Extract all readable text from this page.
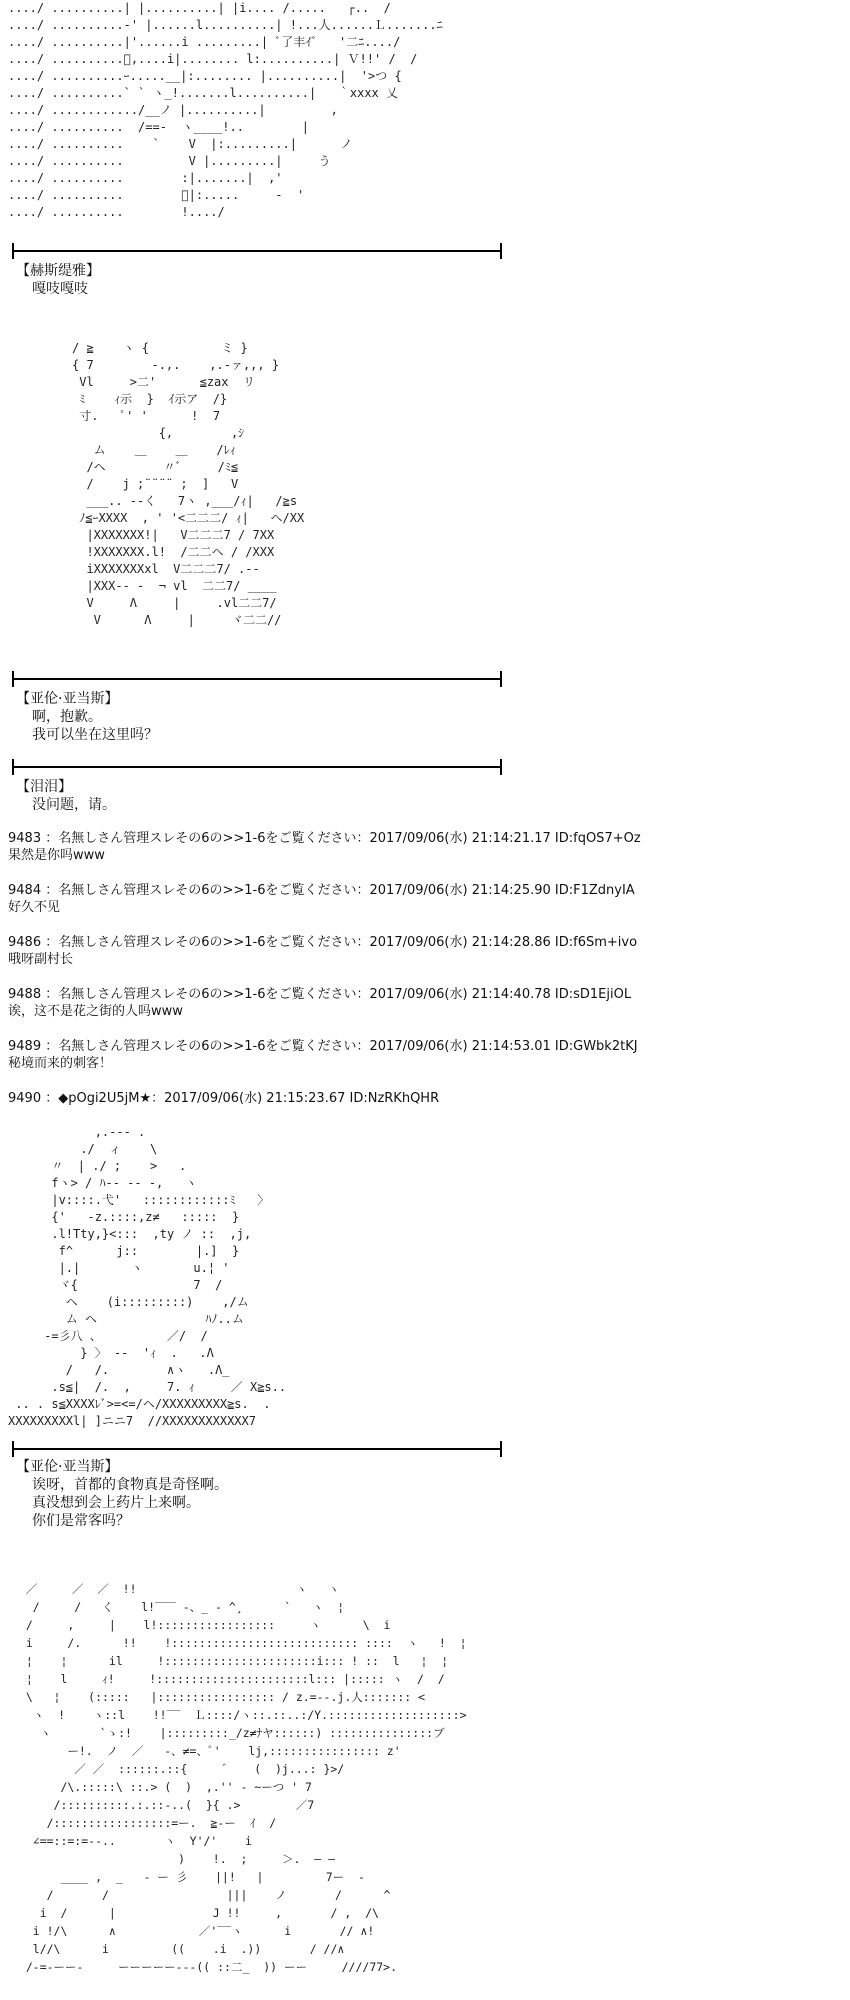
..../ ..........| |..........| |i.... /.....   ┌..  /
..../ ..........-' |......l..........| !...人......Ｌ.......ﾆ
..../ ..........|'......i .........| ﾞ了丰ｲﾞ   '二ﾆ..../
..../ ..........ﾞ,....i|........ l:..........| Ｖ!!' /  /
..../ ..........ｰ.....__|:........ |..........|  '>つ {
..../ ..........` ` ヽ_!.......l..........|   ｀xxxx 乂
..../ ............/__ノ |..........|         ,
..../ ..........  /==-  ヽ____!..        |
..../ ..........    `    V  |:.........|      ノ
..../ ..........         V |.........|     う
..../ ..........        :|.......|  ,'
..../ ..........        ﾞ|:.....     -  '
..../ ..........        !..../
【赫斯缇雅】
嘎吱嘎吱
/ ≧    ヽ {          ミ }
{ 7        -.,.    ,.-ァ,,, }
Vl     >二'      ≦zax  リ
ﾐ    ｨ示  }  ｲ示ア  /}
寸.   ﾟ' '      !  7
{,        ,ｼ
ム    ＿    ＿    /ﾚｨ
/ヘ        〃ﾞ     /ﾐ≦
/    j ;¨¨¨¨ ;  ]   V
___.. --く   7ヽ ,___/ｨ|   /≧s
ﾉ≦ｰXXXX  , ' '<二二二/ ｨ|   ヘ/XX
|XXXXXXX!|   V二二二7 / 7XX
!XXXXXXX.l!  /二二ヘ / /XXX
iXXXXXXXxl  V二二二7/ .-‐
|XXX-- -  ¬ vl  二二7/ ____
V     Λ     |     .vl二二7/
V      Λ     |     ヾ二二//
【亚伦·亚当斯】
啊，抱歉。
我可以坐在这里吗？
【泪泪】
没问题，请。
9483 ：名無しさん管理スレその6の>>1-6をご覧ください：2017/09/06(水) 21:14:21.17 ID:fqOS7+Oz
果然是你吗www
9484 ：名無しさん管理スレその6の>>1-6をご覧ください：2017/09/06(水) 21:14:25.90 ID:F1ZdnyIA
好久不见
9486 ：名無しさん管理スレその6の>>1-6をご覧ください：2017/09/06(水) 21:14:28.86 ID:f6Sm+ivo
哦呀副村长
9488 ：名無しさん管理スレその6の>>1-6をご覧ください：2017/09/06(水) 21:14:40.78 ID:sD1EjiOL
诶，这不是花之街的人吗www
9489 ：名無しさん管理スレその6の>>1-6をご覧ください：2017/09/06(水) 21:14:53.01 ID:GWbk2tKJ
秘境而来的刺客！
9490 ：◆pOgi2U5jM★：2017/09/06(水) 21:15:23.67 ID:NzRKhQHR
,.-‐‐ .
./  ィ    \
〃  | ./ ;    >   .
fヽ> / ﾊ-- -- -,   ヽ
|v::::.弋'   ::::::::::::ﾐ   〉
{'   -z.::::,z≠   :::::  }
.l!Tty,}<:::  ,ty ノ ::  ,j,
f^      j::        |.]  }
|.|       ヽ       u.¦ '
ヾ{                7  /
ヘ    (i:::::::::)    ,/ム
ム ヘ               ﾊﾉ..ム
-=彡八 、         ／/  /
} 〉 ‐‐  'ｨ  .   .Λ
/   /.        ∧ヽ   .Λ_
.s≦|  /.  ,     7. ｨ     ／ X≧s..
.. . s≦XXXXﾚﾞ>=<=/ヘ/XXXXXXXXX≧s.  .
XXXXXXXXXl| ]ニニ7  //XXXXXXXXXXXX7
【亚伦·亚当斯】
诶呀，首都的食物真是奇怪啊。
真没想到会上药片上来啊。
你们是常客吗？
／     ／  ／  !!                       ヽ   ヽ
/     /   く    l!‾‾‾ ‐、_ ‐ ^¸      `   ヽ  ¦
/     ,     |    l!:::::::::::::::::     ヽ      \  i
i     /.      !!    !::::::::::::::::::::::::::: ::::  ヽ   !  ¦
¦    ¦      il     !::::::::::::::::::::::i::: ! ::  l   ¦  ¦
¦    l     ｨ!     !::::::::::::::::::::::l::: |::::: ヽ  /  /
\   ¦    (:::::   |::::::::::::::::: / z.=--.j.人::::::: <
ヽ  !    ヽ::l    !!‾‾  Ｌ::::/ヽ::.::..:/Y.:::::::::::::::::::>
ヽ       `ゝ:!    |:::::::::_/z≠ﾅヤ::::::) :::::::::::::::ブ
ー!.  ノ  ／   -、≠=、ﾟ'    lj,:::::::::::::::: z'
／ ／  ::::::.::{     ゛   (  )j...: }>/
/\.:::::\ ::.> (  )  ,.'' - ~ーつ ' 7
/::::::::::.:.::-..(  }{ .>        ／7
/:::::::::::::::::=ー.  ≧-ー  ｲ  /
∠==::=:=‐-..       ヽ  Y'/'    i
)    !.  ;     ＞.  ― ―
____ ,  _   ‐ ー 彡    ||!   |         7ー  -
/       /                 |||    ノ       /      ^
i  /      |              J !!     ,       / ,  /\
i !/\      ∧            ／'‾‾ヽ      i       // ∧!
l//\      i         ((    .i  .))       / //∧
/-=-ーー‐     ーーーーー---(( ::二_  )) ーー     ////77>.
